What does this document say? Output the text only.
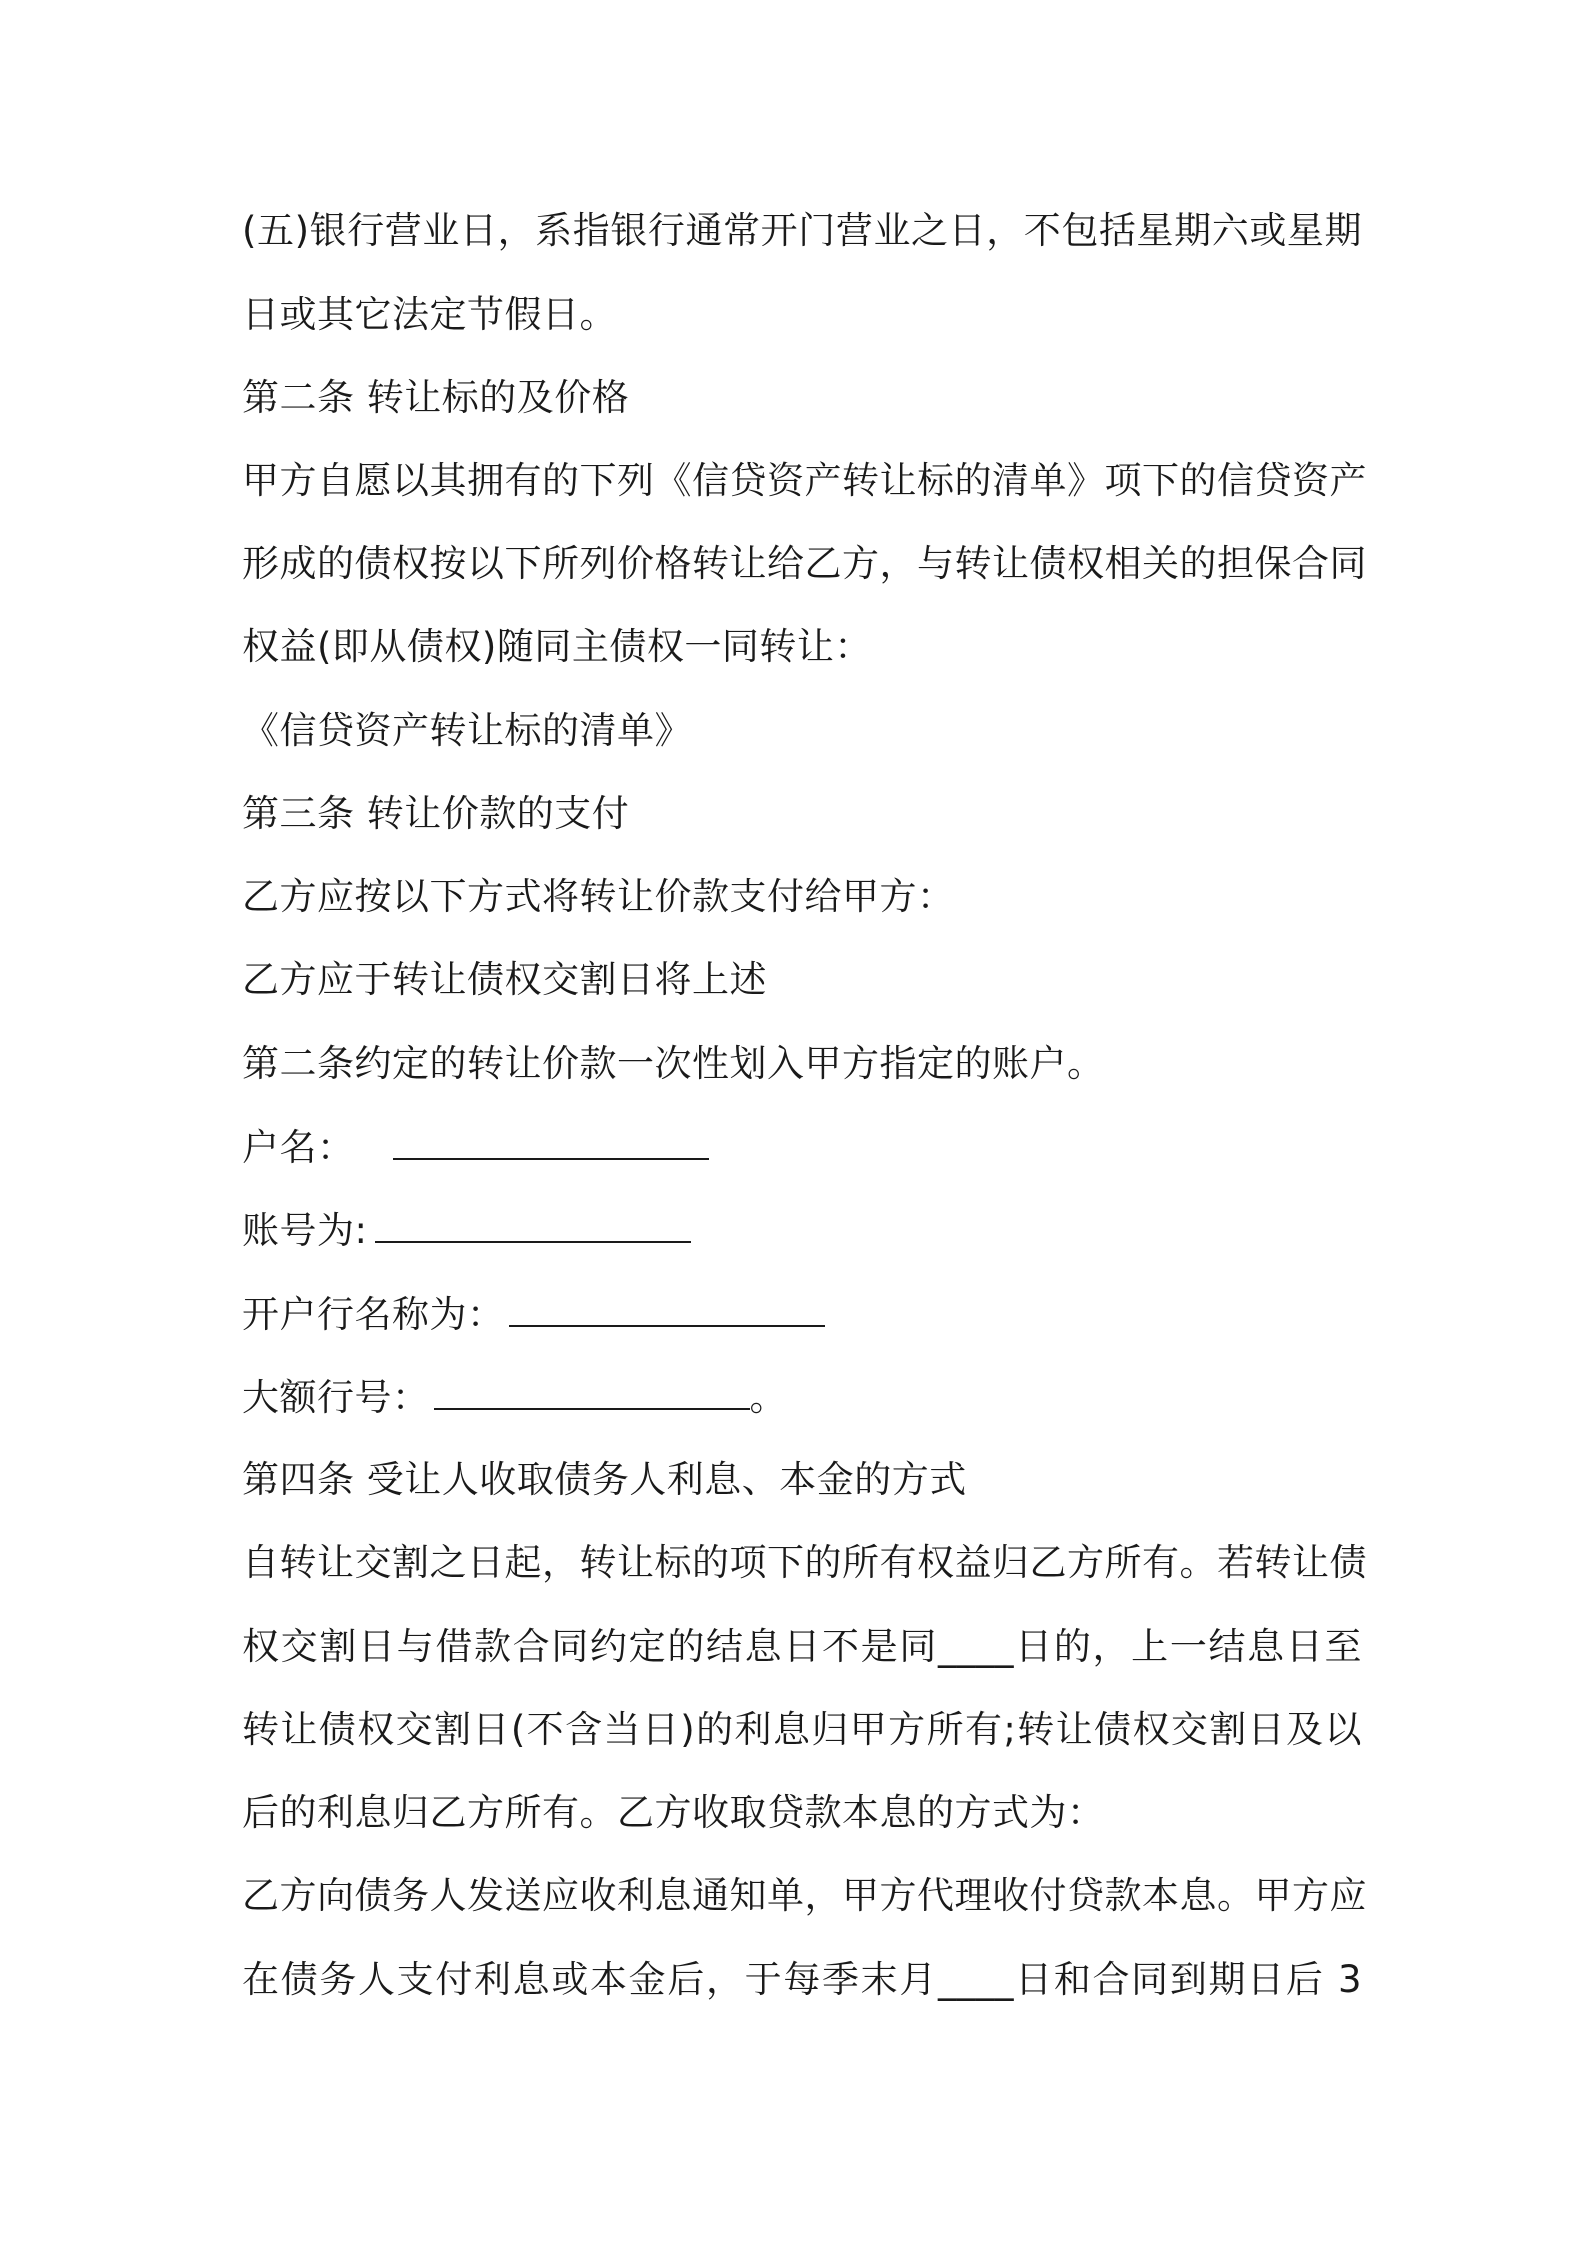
(五)银行营业日，系指银行通常开门营业之日，不包括星期六或星期
日或其它法定节假日。
第二条 转让标的及价格
甲方自愿以其拥有的下列《信贷资产转让标的清单》项下的信贷资产
形成的债权按以下所列价格转让给乙方，与转让债权相关的担保合同
权益(即从债权)随同主债权一同转让：
《信贷资产转让标的清单》
第三条 转让价款的支付
乙方应按以下方式将转让价款支付给甲方：
乙方应于转让债权交割日将上述
第二条约定的转让价款一次性划入甲方指定的账户。
户名：
账号为:
开户行名称为：
大额行号：	。
第四条 受让人收取债务人利息、本金的方式
自转让交割之日起，转让标的项下的所有权益归乙方所有。若转让债
权交割日与借款合同约定的结息日不是同____日的，上一结息日至
转让债权交割日(不含当日)的利息归甲方所有;转让债权交割日及以
后的利息归乙方所有。乙方收取贷款本息的方式为：
乙方向债务人发送应收利息通知单，甲方代理收付贷款本息。甲方应
在债务人支付利息或本金后，于每季末月____日和合同到期日后 3
